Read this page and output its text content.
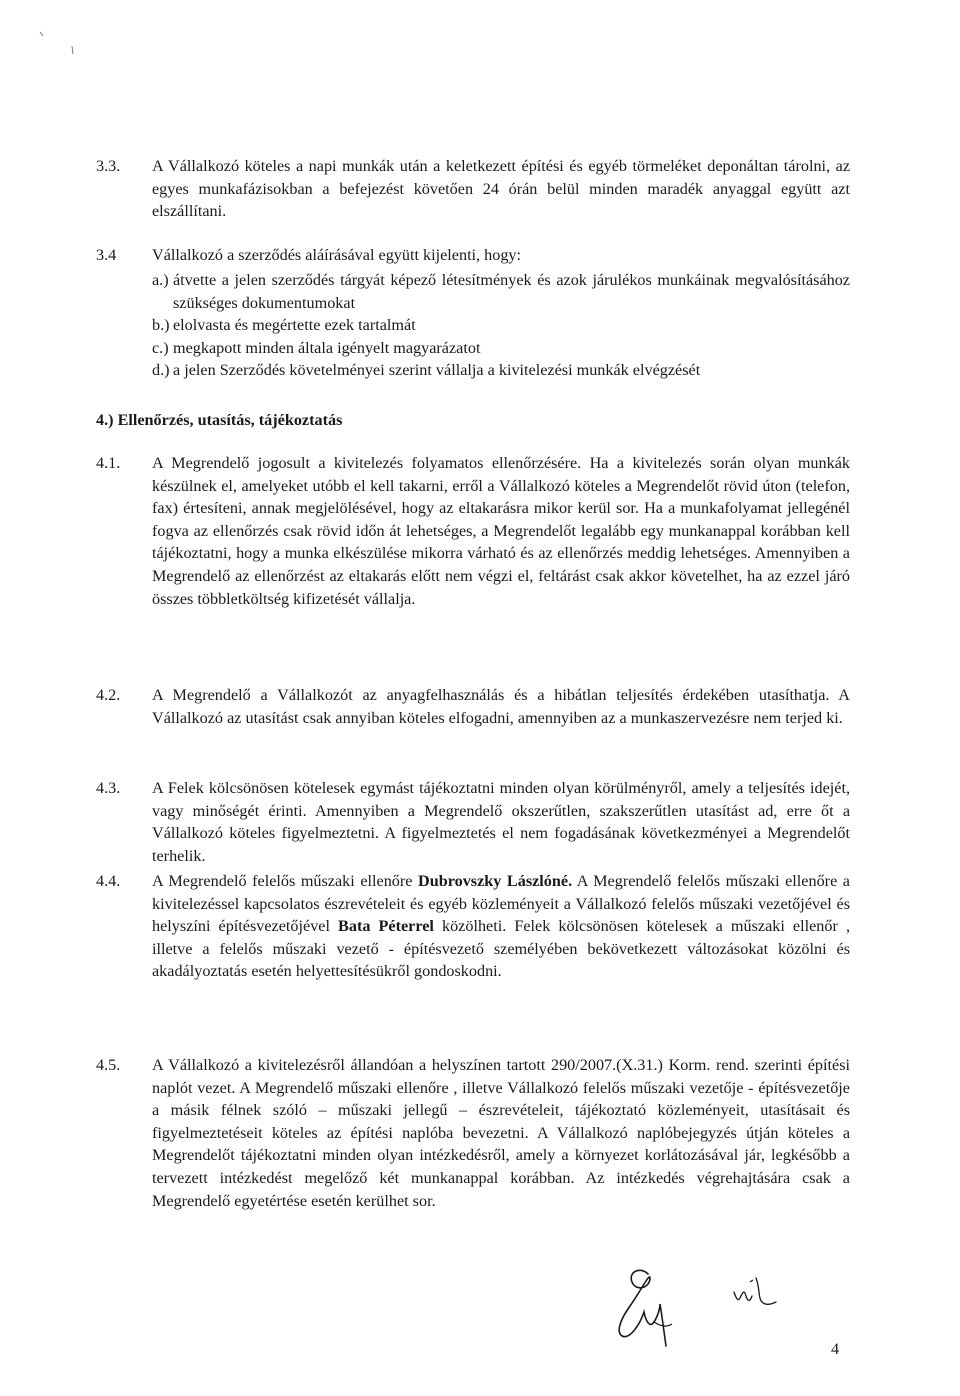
3.3. A Vállalkozó köteles a napi munkák után a keletkezett építési és egyéb törmeléket deponáltan tárolni, az egyes munkafázisokban a befejezést követően 24 órán belül minden maradék anyaggal együtt azt elszállítani.
3.4 Vállalkozó a szerződés aláírásával együtt kijelenti, hogy:
a.) átvette a jelen szerződés tárgyát képező létesítmények és azok járulékos munkáinak megvalósításához szükséges dokumentumokat
b.) elolvasta és megértette ezek tartalmát
c.) megkapott minden általa igényelt magyarázatot
d.) a jelen Szerződés követelményei szerint vállalja a kivitelezési munkák elvégzését
4.) Ellenőrzés, utasítás, tájékoztatás
4.1. A Megrendelő jogosult a kivitelezés folyamatos ellenőrzésére. Ha a kivitelezés során olyan munkák készülnek el, amelyeket utóbb el kell takarni, erről a Vállalkozó köteles a Megrendelőt rövid úton (telefon, fax) értesíteni, annak megjelölésével, hogy az eltakarásra mikor kerül sor. Ha a munkafolyamat jellegénél fogva az ellenőrzés csak rövid időn át lehetséges, a Megrendelőt legalább egy munkanappal korábban kell tájékoztatni, hogy a munka elkészülése mikorra várható és az ellenőrzés meddig lehetséges. Amennyiben a Megrendelő az ellenőrzést az eltakarás előtt nem végzi el, feltárást csak akkor követelhet, ha az ezzel járó összes többletköltség kifizetését vállalja.
4.2. A Megrendelő a Vállalkozót az anyagfelhasználás és a hibátlan teljesítés érdekében utasíthatja. A Vállalkozó az utasítást csak annyiban köteles elfogadni, amennyiben az a munkaszervezésre nem terjed ki.
4.3. A Felek kölcsönösen kötelesek egymást tájékoztatni minden olyan körülményről, amely a teljesítés idejét, vagy minőségét érinti. Amennyiben a Megrendelő okszerűtlen, szakszerűtlen utasítást ad, erre őt a Vállalkozó köteles figyelmeztetni. A figyelmeztetés el nem fogadásának következményei a Megrendelőt terhelik.
4.4. A Megrendelő felelős műszaki ellenőre Dubrovszky Lászlóné. A Megrendelő felelős műszaki ellenőre a kivitelezéssel kapcsolatos észrevételeit és egyéb közleményeit a Vállalkozó felelős műszaki vezetőjével és helyszíni építésvezetőjével Bata Péterrel közölheti. Felek kölcsönösen kötelesek a műszaki ellenőr , illetve a felelős műszaki vezető - építésvezető személyében bekövetkezett változásokat közölni és akadályoztatás esetén helyettesítésükről gondoskodni.
4.5. A Vállalkozó a kivitelezésről állandóan a helyszínen tartott 290/2007.(X.31.) Korm. rend. szerinti építési naplót vezet. A Megrendelő műszaki ellenőre , illetve Vállalkozó felelős műszaki vezetője - építésvezetője a másik félnek szóló – műszaki jellegű – észrevételeit, tájékoztató közleményeit, utasításait és figyelmeztetéseit köteles az építési naplóba bevezetni. A Vállalkozó naplóbejegyzés útján köteles a Megrendelőt tájékoztatni minden olyan intézkedésről, amely a környezet korlátozásával jár, legkésőbb a tervezett intézkedést megelőző két munkanappal korábban. Az intézkedés végrehajtására csak a Megrendelő egyetértése esetén kerülhet sor.
4
